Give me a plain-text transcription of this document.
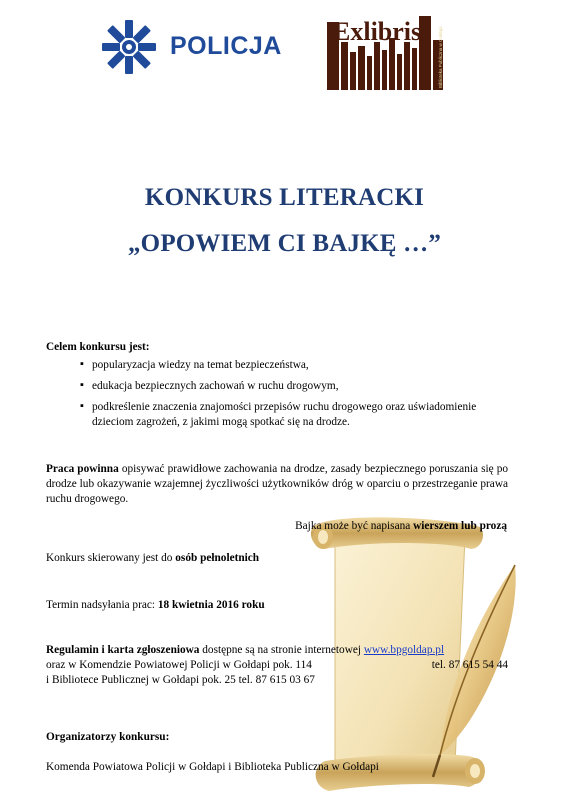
POLICJA Exlibris	Biblioteka Publiczna w Gołdapi
KONKURS LITERACKI
„OPOWIEM CI BAJKĘ …”
Celem konkursu jest:
▪ popularyzacja wiedzy na temat bezpieczeństwa,
▪ edukacja bezpiecznych zachowań w ruchu drogowym,
▪ podkreślenie znaczenia znajomości przepisów ruchu drogowego oraz uświadomienie dzieciom zagrożeń, z jakimi mogą spotkać się na drodze.
Praca powinna opisywać prawidłowe zachowania na drodze, zasady bezpiecznego poruszania się po drodze lub okazywanie wzajemnej życzliwości użytkowników dróg w oparciu o przestrzeganie prawa ruchu drogowego.
Bajka może być napisana wierszem lub prozą
Konkurs skierowany jest do osób pełnoletnich
Termin nadsyłania prac: 18 kwietnia 2016 roku
Regulamin i karta zgłoszeniowa dostępne są na stronie internetowej www.bpgoldap.pl
oraz w Komendzie Powiatowej Policji w Gołdapi pok. 114	tel. 87 615 54 44
i Bibliotece Publicznej w Gołdapi pok. 25 tel. 87 615 03 67
Organizatorzy konkursu:
Komenda Powiatowa Policji w Gołdapi i Biblioteka Publiczna w Gołdapi
